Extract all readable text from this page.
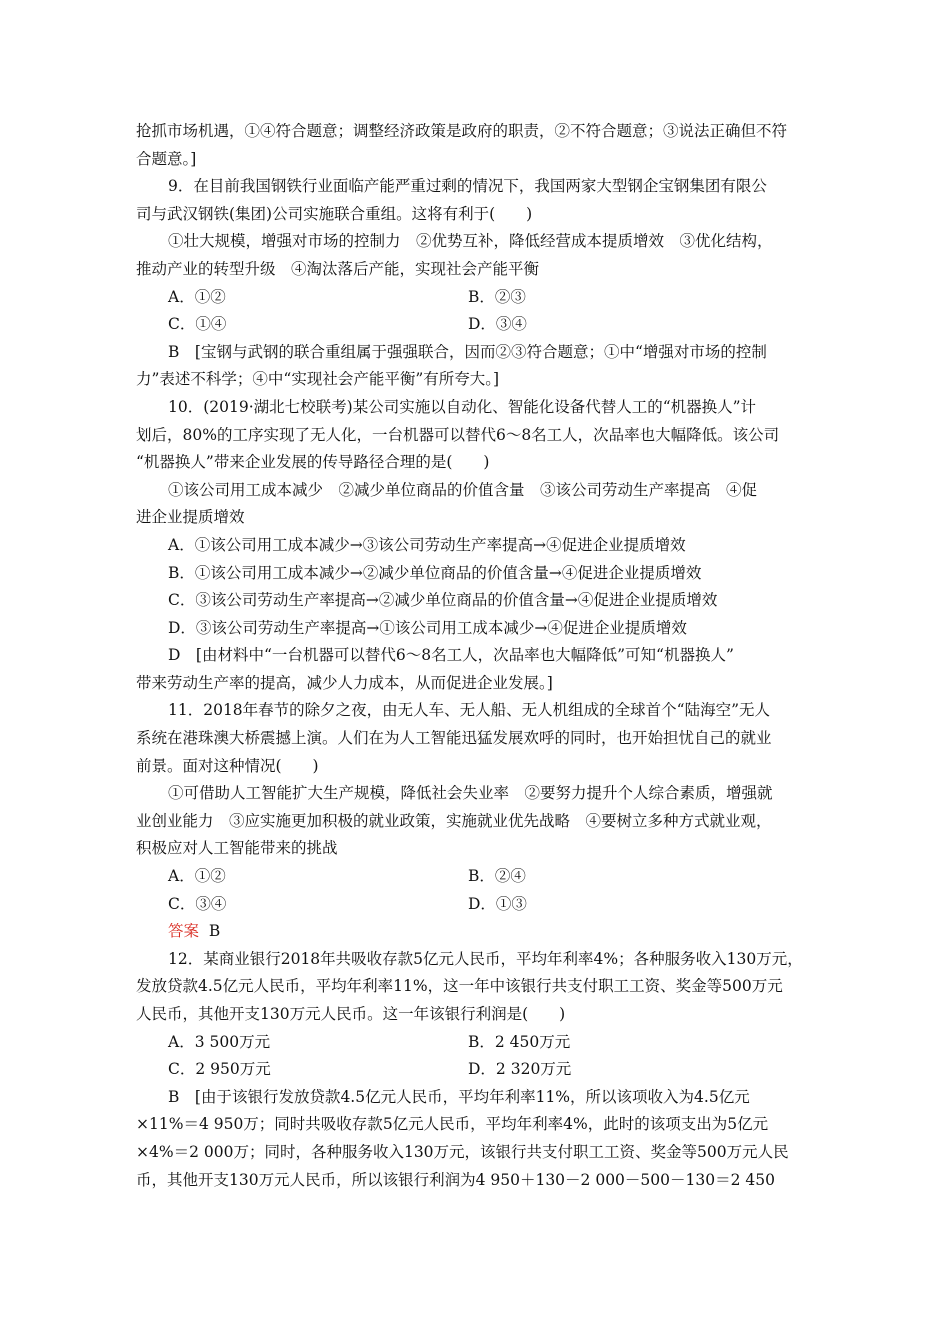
抢抓市场机遇，①④符合题意；调整经济政策是政府的职责，②不符合题意；③说法正确但不符
合题意。]
9．在目前我国钢铁行业面临产能严重过剩的情况下，我国两家大型钢企宝钢集团有限公
司与武汉钢铁(集团)公司实施联合重组。这将有利于(　　)
①壮大规模，增强对市场的控制力　②优势互补，降低经营成本提质增效　③优化结构，
推动产业的转型升级　④淘汰落后产能，实现社会产能平衡
A．①②	B．②③
C．①④	D．③④
B　[宝钢与武钢的联合重组属于强强联合，因而②③符合题意；①中“增强对市场的控制
力”表述不科学；④中“实现社会产能平衡”有所夸大。]
10．(2019·湖北七校联考)某公司实施以自动化、智能化设备代替人工的“机器换人”计
划后，80%的工序实现了无人化，一台机器可以替代6～8名工人，次品率也大幅降低。该公司
“机器换人”带来企业发展的传导路径合理的是(　　)
①该公司用工成本减少　②减少单位商品的价值含量　③该公司劳动生产率提高　④促
进企业提质增效
A．①该公司用工成本减少→③该公司劳动生产率提高→④促进企业提质增效
B．①该公司用工成本减少→②减少单位商品的价值含量→④促进企业提质增效
C．③该公司劳动生产率提高→②减少单位商品的价值含量→④促进企业提质增效
D．③该公司劳动生产率提高→①该公司用工成本减少→④促进企业提质增效
D　[由材料中“一台机器可以替代6～8名工人，次品率也大幅降低”可知“机器换人”
带来劳动生产率的提高，减少人力成本，从而促进企业发展。]
11．2018年春节的除夕之夜，由无人车、无人船、无人机组成的全球首个“陆海空”无人
系统在港珠澳大桥震撼上演。人们在为人工智能迅猛发展欢呼的同时，也开始担忧自己的就业
前景。面对这种情况(　　)
①可借助人工智能扩大生产规模，降低社会失业率　②要努力提升个人综合素质，增强就
业创业能力　③应实施更加积极的就业政策，实施就业优先战略　④要树立多种方式就业观，
积极应对人工智能带来的挑战
A．①②	B．②④
C．③④	D．①③
答案 B
12．某商业银行2018年共吸收存款5亿元人民币，平均年利率4%；各种服务收入130万元，
发放贷款4.5亿元人民币，平均年利率11%，这一年中该银行共支付职工工资、奖金等500万元
人民币，其他开支130万元人民币。这一年该银行利润是(　　)
A．3 500万元	B．2 450万元
C．2 950万元	D．2 320万元
B　[由于该银行发放贷款4.5亿元人民币，平均年利率11%，所以该项收入为4.5亿元
×11%＝4 950万；同时共吸收存款5亿元人民币，平均年利率4%，此时的该项支出为5亿元
×4%＝2 000万；同时，各种服务收入130万元，该银行共支付职工工资、奖金等500万元人民
币，其他开支130万元人民币，所以该银行利润为4 950＋130－2 000－500－130＝2 450
